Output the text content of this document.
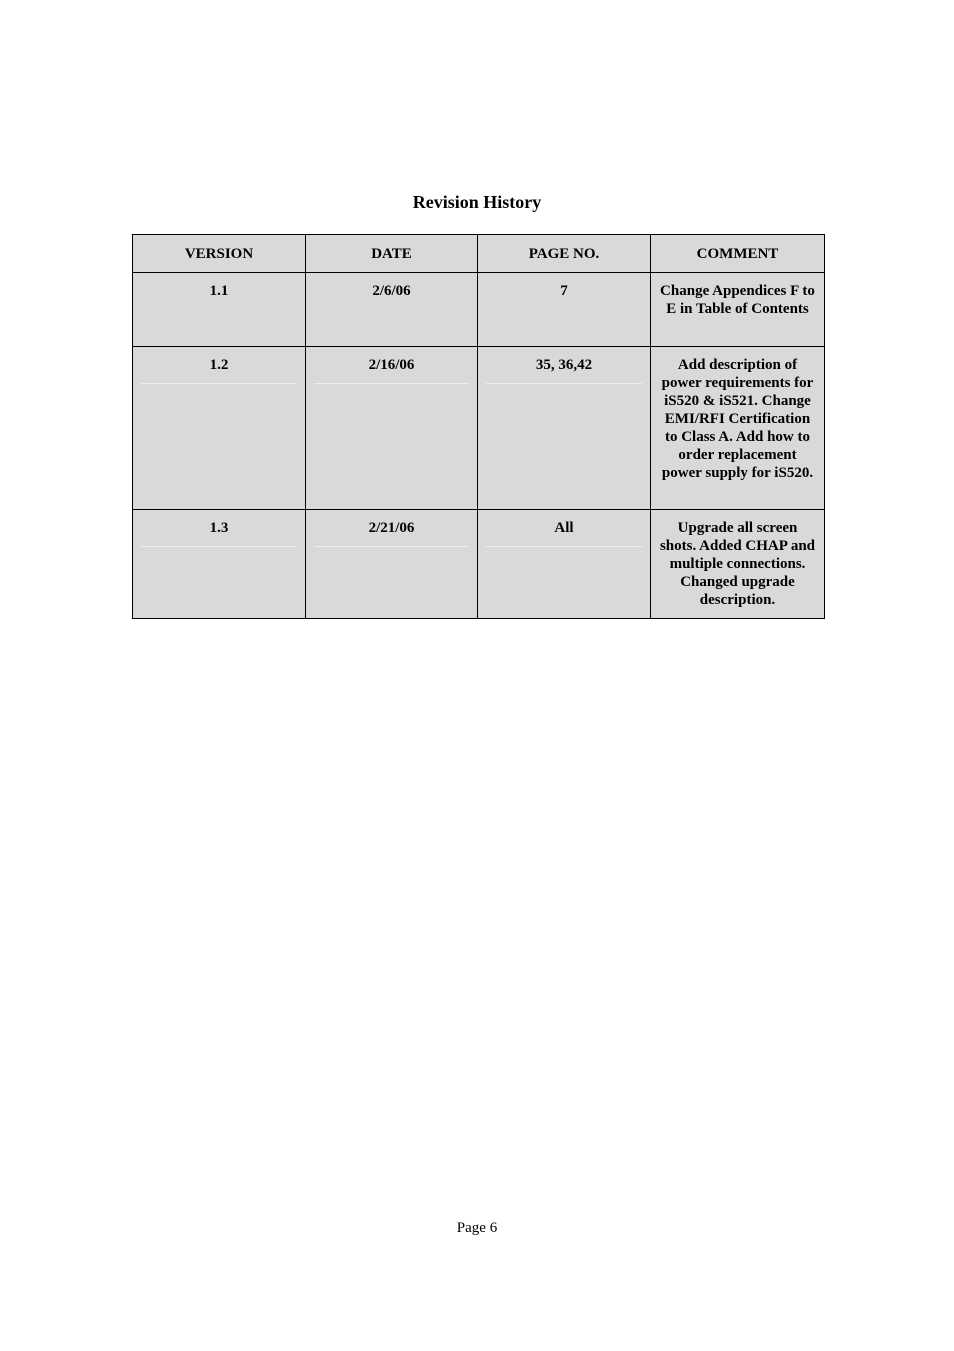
Revision History
VERSION	DATE	PAGE NO.	COMMENT

1.1	2/6/06	7	Change Appendices F to E in Table of Contents

1.2	2/16/06	35, 36,42	Add description of power requirements for iS520 & iS521. Change EMI/RFI Certification to Class A. Add how to order replacement power supply for iS520.

1.3	2/21/06	All	Upgrade all screen shots. Added CHAP and multiple connections. Changed upgrade description.
Page 6
